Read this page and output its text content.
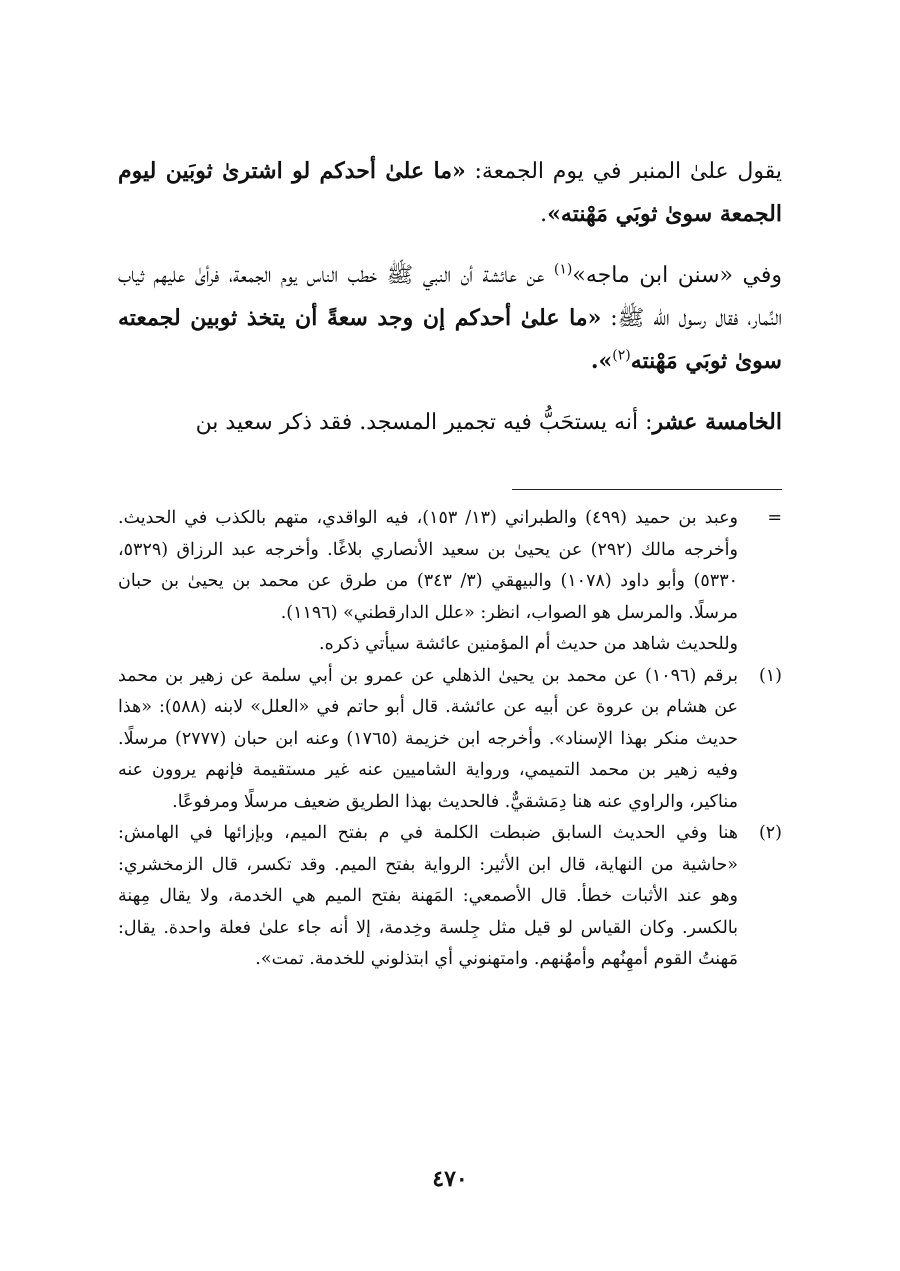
يقول علىٰ المنبر في يوم الجمعة: «ما علىٰ أحدكم لو اشترىٰ ثوبَين ليوم الجمعة سوىٰ ثوبَي مَهْنته».

وفي «سنن ابن ماجه»$^{(١)}$ عن عائشة أن النبي ﷺ خطب الناس يوم الجمعة، فرأىٰ عليهم ثياب النِّمار، فقال رسول الله ﷺ: «ما علىٰ أحدكم إن وجد سعةً أن يتخذ ثوبين لجمعته سوىٰ ثوبَي مَهْنته$^{(٢)}$».

الخامسة عشر: أنه يستحَبُّ فيه تجمير المسجد. فقد ذكر سعيد بن

=

وعبد بن حميد (٤٩٩) والطبراني (١٣/ ١٥٣)، فيه الواقدي، متهم بالكذب في الحديث. وأخرجه مالك (٢٩٢) عن يحيىٰ بن سعيد الأنصاري بلاغًا. وأخرجه عبد الرزاق (٥٣٢٩، ٥٣٣٠) وأبو داود (١٠٧٨) والبيهقي (٣/ ٣٤٣) من طرق عن محمد بن يحيىٰ بن حبان مرسلًا. والمرسل هو الصواب، انظر: «علل الدارقطني» (١١٩٦).

وللحديث شاهد من حديث أم المؤمنين عائشة سيأتي ذكره.

(١)

برقم (١٠٩٦) عن محمد بن يحيىٰ الذهلي عن عمرو بن أبي سلمة عن زهير بن محمد عن هشام بن عروة عن أبيه عن عائشة. قال أبو حاتم في «العلل» لابنه (٥٨٨): «هذا حديث منكر بهذا الإسناد». وأخرجه ابن خزيمة (١٧٦٥) وعنه ابن حبان (٢٧٧٧) مرسلًا. وفيه زهير بن محمد التميمي، ورواية الشاميين عنه غير مستقيمة فإنهم يروون عنه مناكير، والراوي عنه هنا دِمَشقيٌّ. فالحديث بهذا الطريق ضعيف مرسلًا ومرفوعًا.

(٢)

هنا وفي الحديث السابق ضبطت الكلمة في م بفتح الميم، وبإزائها في الهامش: «حاشية من النهاية، قال ابن الأثير: الرواية بفتح الميم. وقد تكسر، قال الزمخشري: وهو عند الأثبات خطأ. قال الأصمعي: المَهنة بفتح الميم هي الخدمة، ولا يقال مِهنة بالكسر. وكان القياس لو قيل مثل جِلسة وخِدمة، إلا أنه جاء علىٰ فعلة واحدة. يقال: مَهنتُ القوم أمهِنُهم وأمهُنهم. وامتهنوني أي ابتذلوني للخدمة. تمت».

٤٧٠
